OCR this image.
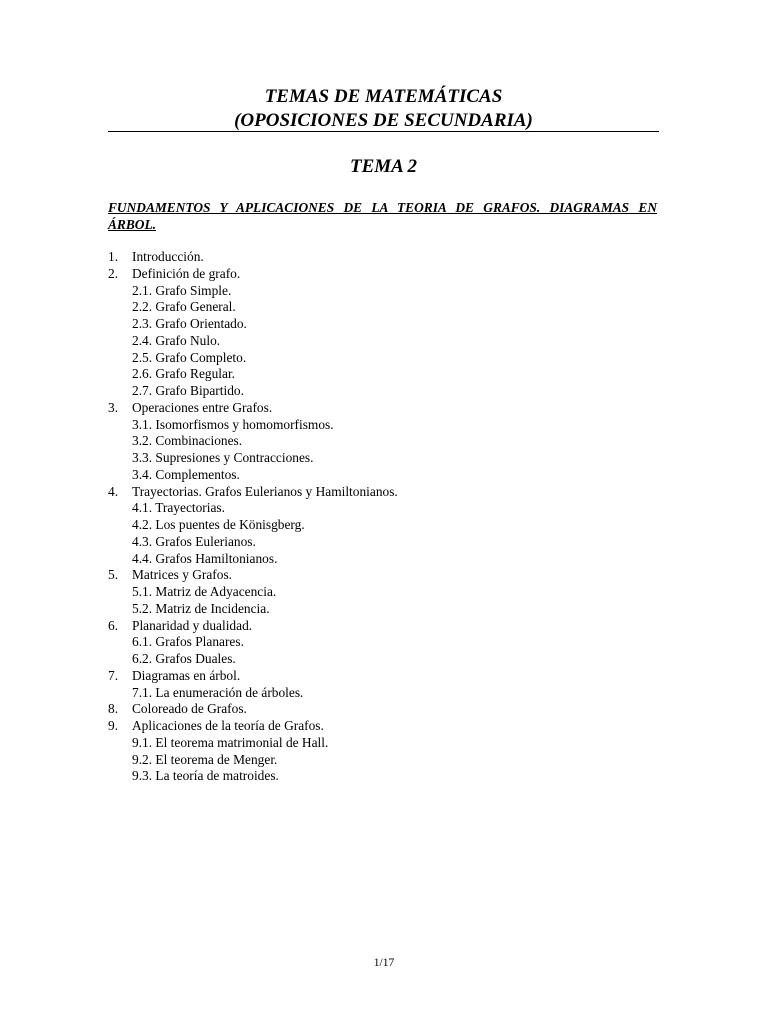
TEMAS DE MATEMÁTICAS
(OPOSICIONES DE SECUNDARIA)
TEMA 2
FUNDAMENTOS Y APLICACIONES DE LA TEORIA DE GRAFOS. DIAGRAMAS EN ÁRBOL.
1. Introducción.
2. Definición de grafo.
2.1. Grafo Simple.
2.2. Grafo General.
2.3. Grafo Orientado.
2.4. Grafo Nulo.
2.5. Grafo Completo.
2.6. Grafo Regular.
2.7. Grafo Bipartido.
3. Operaciones entre Grafos.
3.1. Isomorfismos y homomorfismos.
3.2. Combinaciones.
3.3. Supresiones y Contracciones.
3.4. Complementos.
4. Trayectorias. Grafos Eulerianos y Hamiltonianos.
4.1. Trayectorias.
4.2. Los puentes de Könisgberg.
4.3. Grafos Eulerianos.
4.4. Grafos Hamiltonianos.
5. Matrices y Grafos.
5.1. Matriz de Adyacencia.
5.2. Matriz de Incidencia.
6. Planaridad y dualidad.
6.1. Grafos Planares.
6.2. Grafos Duales.
7. Diagramas en árbol.
7.1. La enumeración de árboles.
8. Coloreado de Grafos.
9. Aplicaciones de la teoría de Grafos.
9.1. El teorema matrimonial de Hall.
9.2. El teorema de Menger.
9.3. La teoría de matroides.
1/17
